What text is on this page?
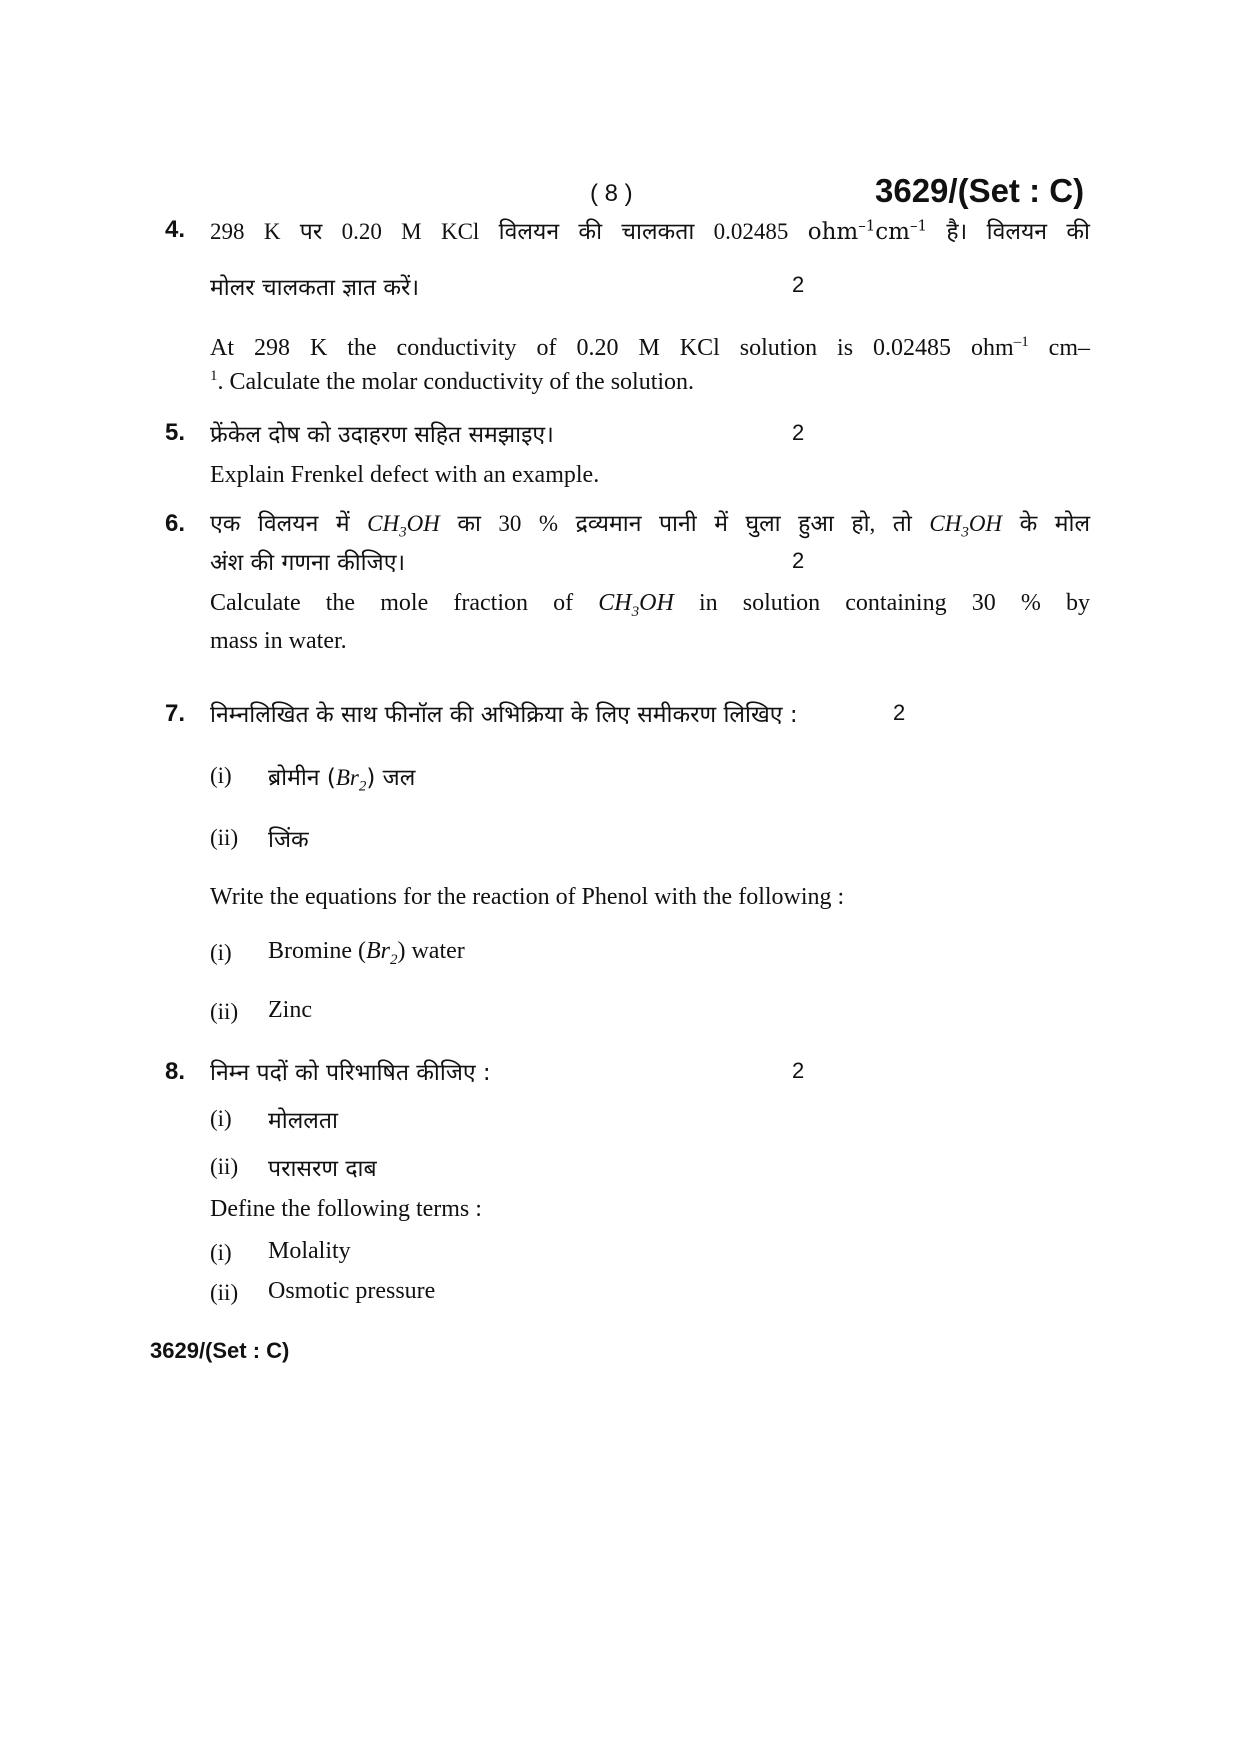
( 8 )	3629/(Set : C)
4. 298 K पर 0.20 M KCl विलयन की चालकता 0.02485 $ohm^{-1}cm^{-1}$ है। विलयन की
मोलर चालकता ज्ञात करें।	2
At 298 K the conductivity of 0.20 M KCl solution is 0.02485 ohm$^{-1}$ cm–
$^1$. Calculate the molar conductivity of the solution.
5. फ्रेंकेल दोष को उदाहरण सहित समझाइए।	2
Explain Frenkel defect with an example.
6. एक विलयन में $CH_3OH$ का 30 % द्रव्यमान पानी में घुला हुआ हो, तो $CH_3OH$ के मोल
अंश की गणना कीजिए।	2
Calculate the mole fraction of $CH_3OH$ in solution containing 30 % by
mass in water.
7. निम्नलिखित के साथ फीनॉल की अभिक्रिया के लिए समीकरण लिखिए :	2
(i) ब्रोमीन $(Br_2)$ जल
(ii) जिंक
Write the equations for the reaction of Phenol with the following :
(i) Bromine $(Br_2)$ water
(ii) Zinc
8. निम्न पदों को परिभाषित कीजिए :	2
(i) मोललता
(ii) परासरण दाब
Define the following terms :
(i) Molality
(ii) Osmotic pressure
3629/(Set : C)
